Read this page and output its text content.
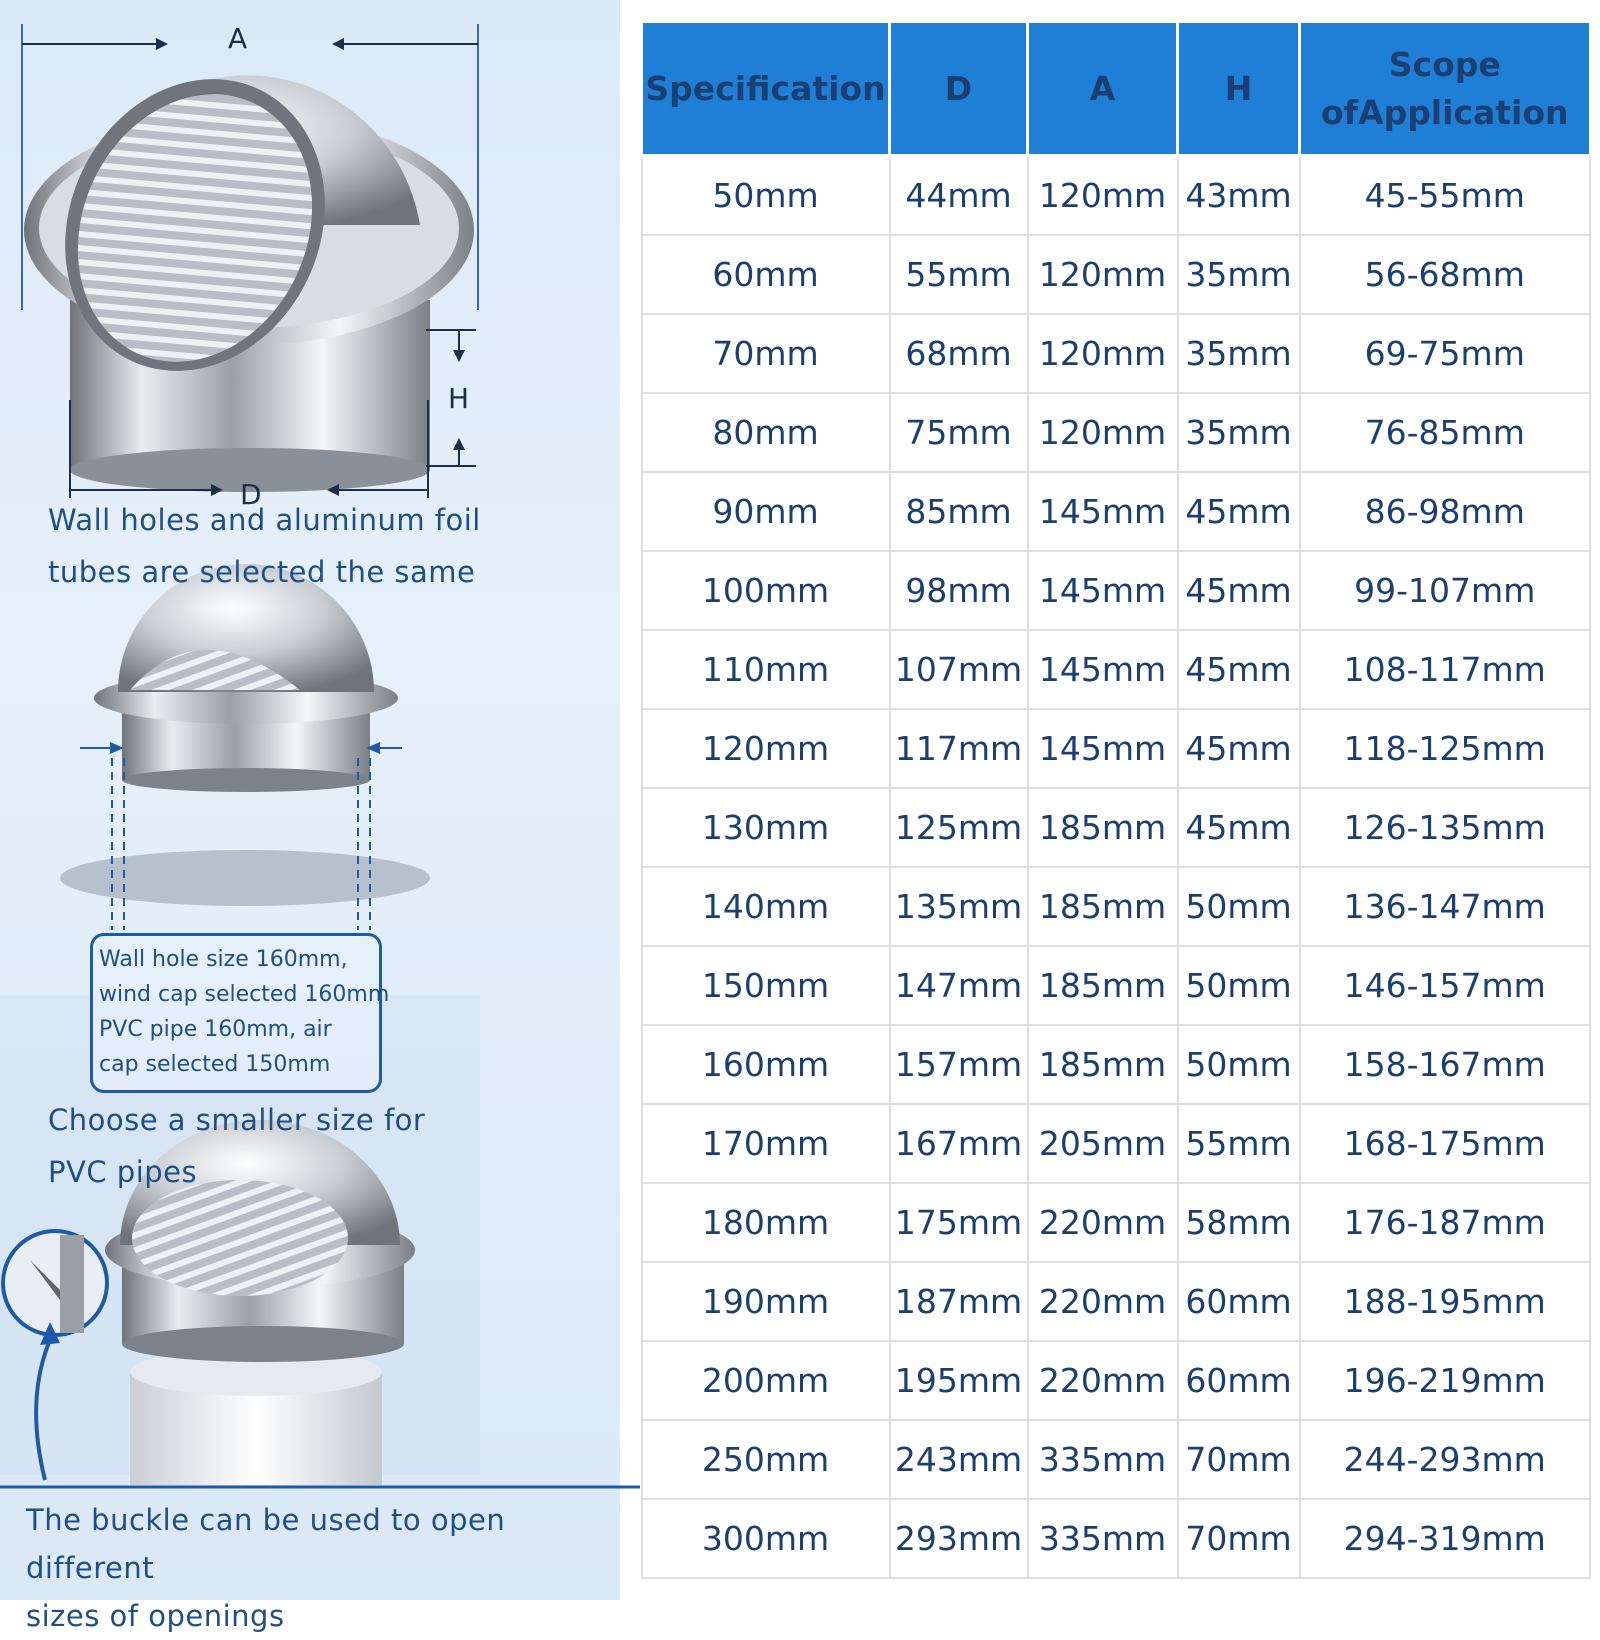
A
H
D
Wall holes and aluminum foil
tubes are selected the same
Wall hole size 160mm,
wind cap selected 160mm
PVC pipe 160mm, air
cap selected 150mm
Choose a smaller size for
PVC pipes
The buckle can be used to open different
sizes of openings
Specification	D	A	H	Scope ofApplication
50mm	44mm	120mm	43mm	45-55mm
60mm	55mm	120mm	35mm	56-68mm
70mm	68mm	120mm	35mm	69-75mm
80mm	75mm	120mm	35mm	76-85mm
90mm	85mm	145mm	45mm	86-98mm
100mm	98mm	145mm	45mm	99-107mm
110mm	107mm	145mm	45mm	108-117mm
120mm	117mm	145mm	45mm	118-125mm
130mm	125mm	185mm	45mm	126-135mm
140mm	135mm	185mm	50mm	136-147mm
150mm	147mm	185mm	50mm	146-157mm
160mm	157mm	185mm	50mm	158-167mm
170mm	167mm	205mm	55mm	168-175mm
180mm	175mm	220mm	58mm	176-187mm
190mm	187mm	220mm	60mm	188-195mm
200mm	195mm	220mm	60mm	196-219mm
250mm	243mm	335mm	70mm	244-293mm
300mm	293mm	335mm	70mm	294-319mm
